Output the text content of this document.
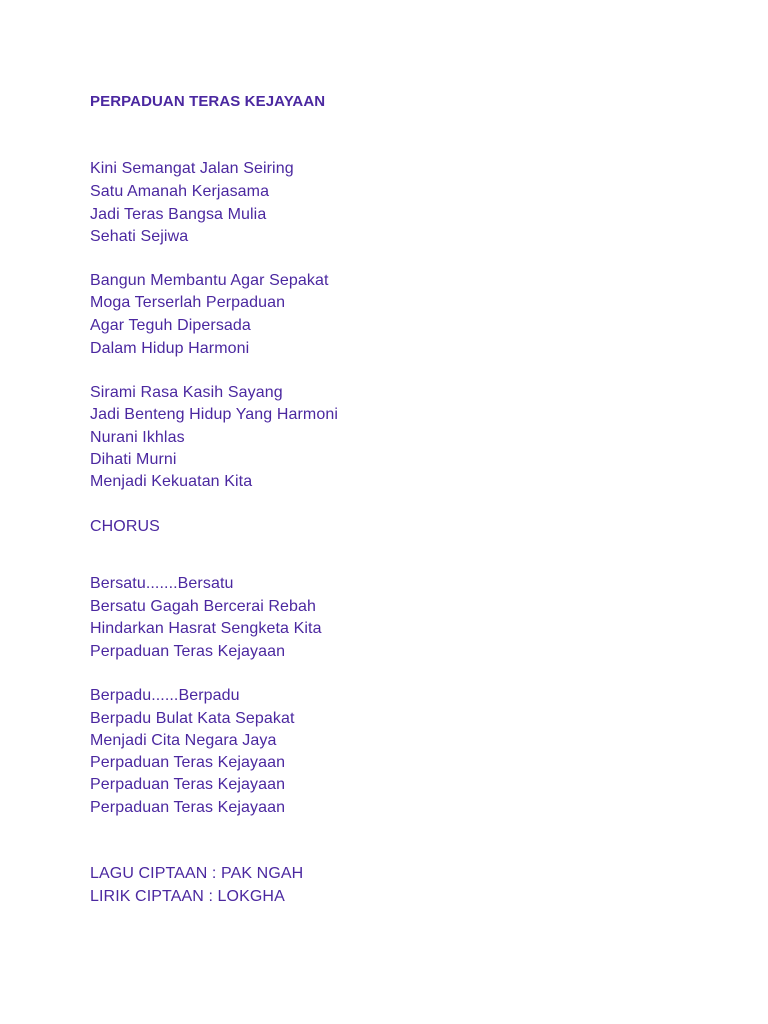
PERPADUAN TERAS KEJAYAAN
Kini Semangat Jalan Seiring
Satu Amanah Kerjasama
Jadi Teras Bangsa Mulia
Sehati Sejiwa
Bangun Membantu Agar Sepakat
Moga Terserlah Perpaduan
Agar Teguh Dipersada
Dalam Hidup Harmoni
Sirami Rasa Kasih Sayang
Jadi Benteng Hidup Yang Harmoni
Nurani Ikhlas
Dihati Murni
Menjadi Kekuatan Kita
CHORUS
Bersatu.......Bersatu
Bersatu Gagah Bercerai Rebah
Hindarkan Hasrat Sengketa Kita
Perpaduan Teras Kejayaan
Berpadu......Berpadu
Berpadu Bulat Kata Sepakat
Menjadi Cita Negara Jaya
Perpaduan Teras Kejayaan
Perpaduan Teras Kejayaan
Perpaduan Teras Kejayaan
LAGU CIPTAAN : PAK NGAH
LIRIK CIPTAAN : LOKGHA
